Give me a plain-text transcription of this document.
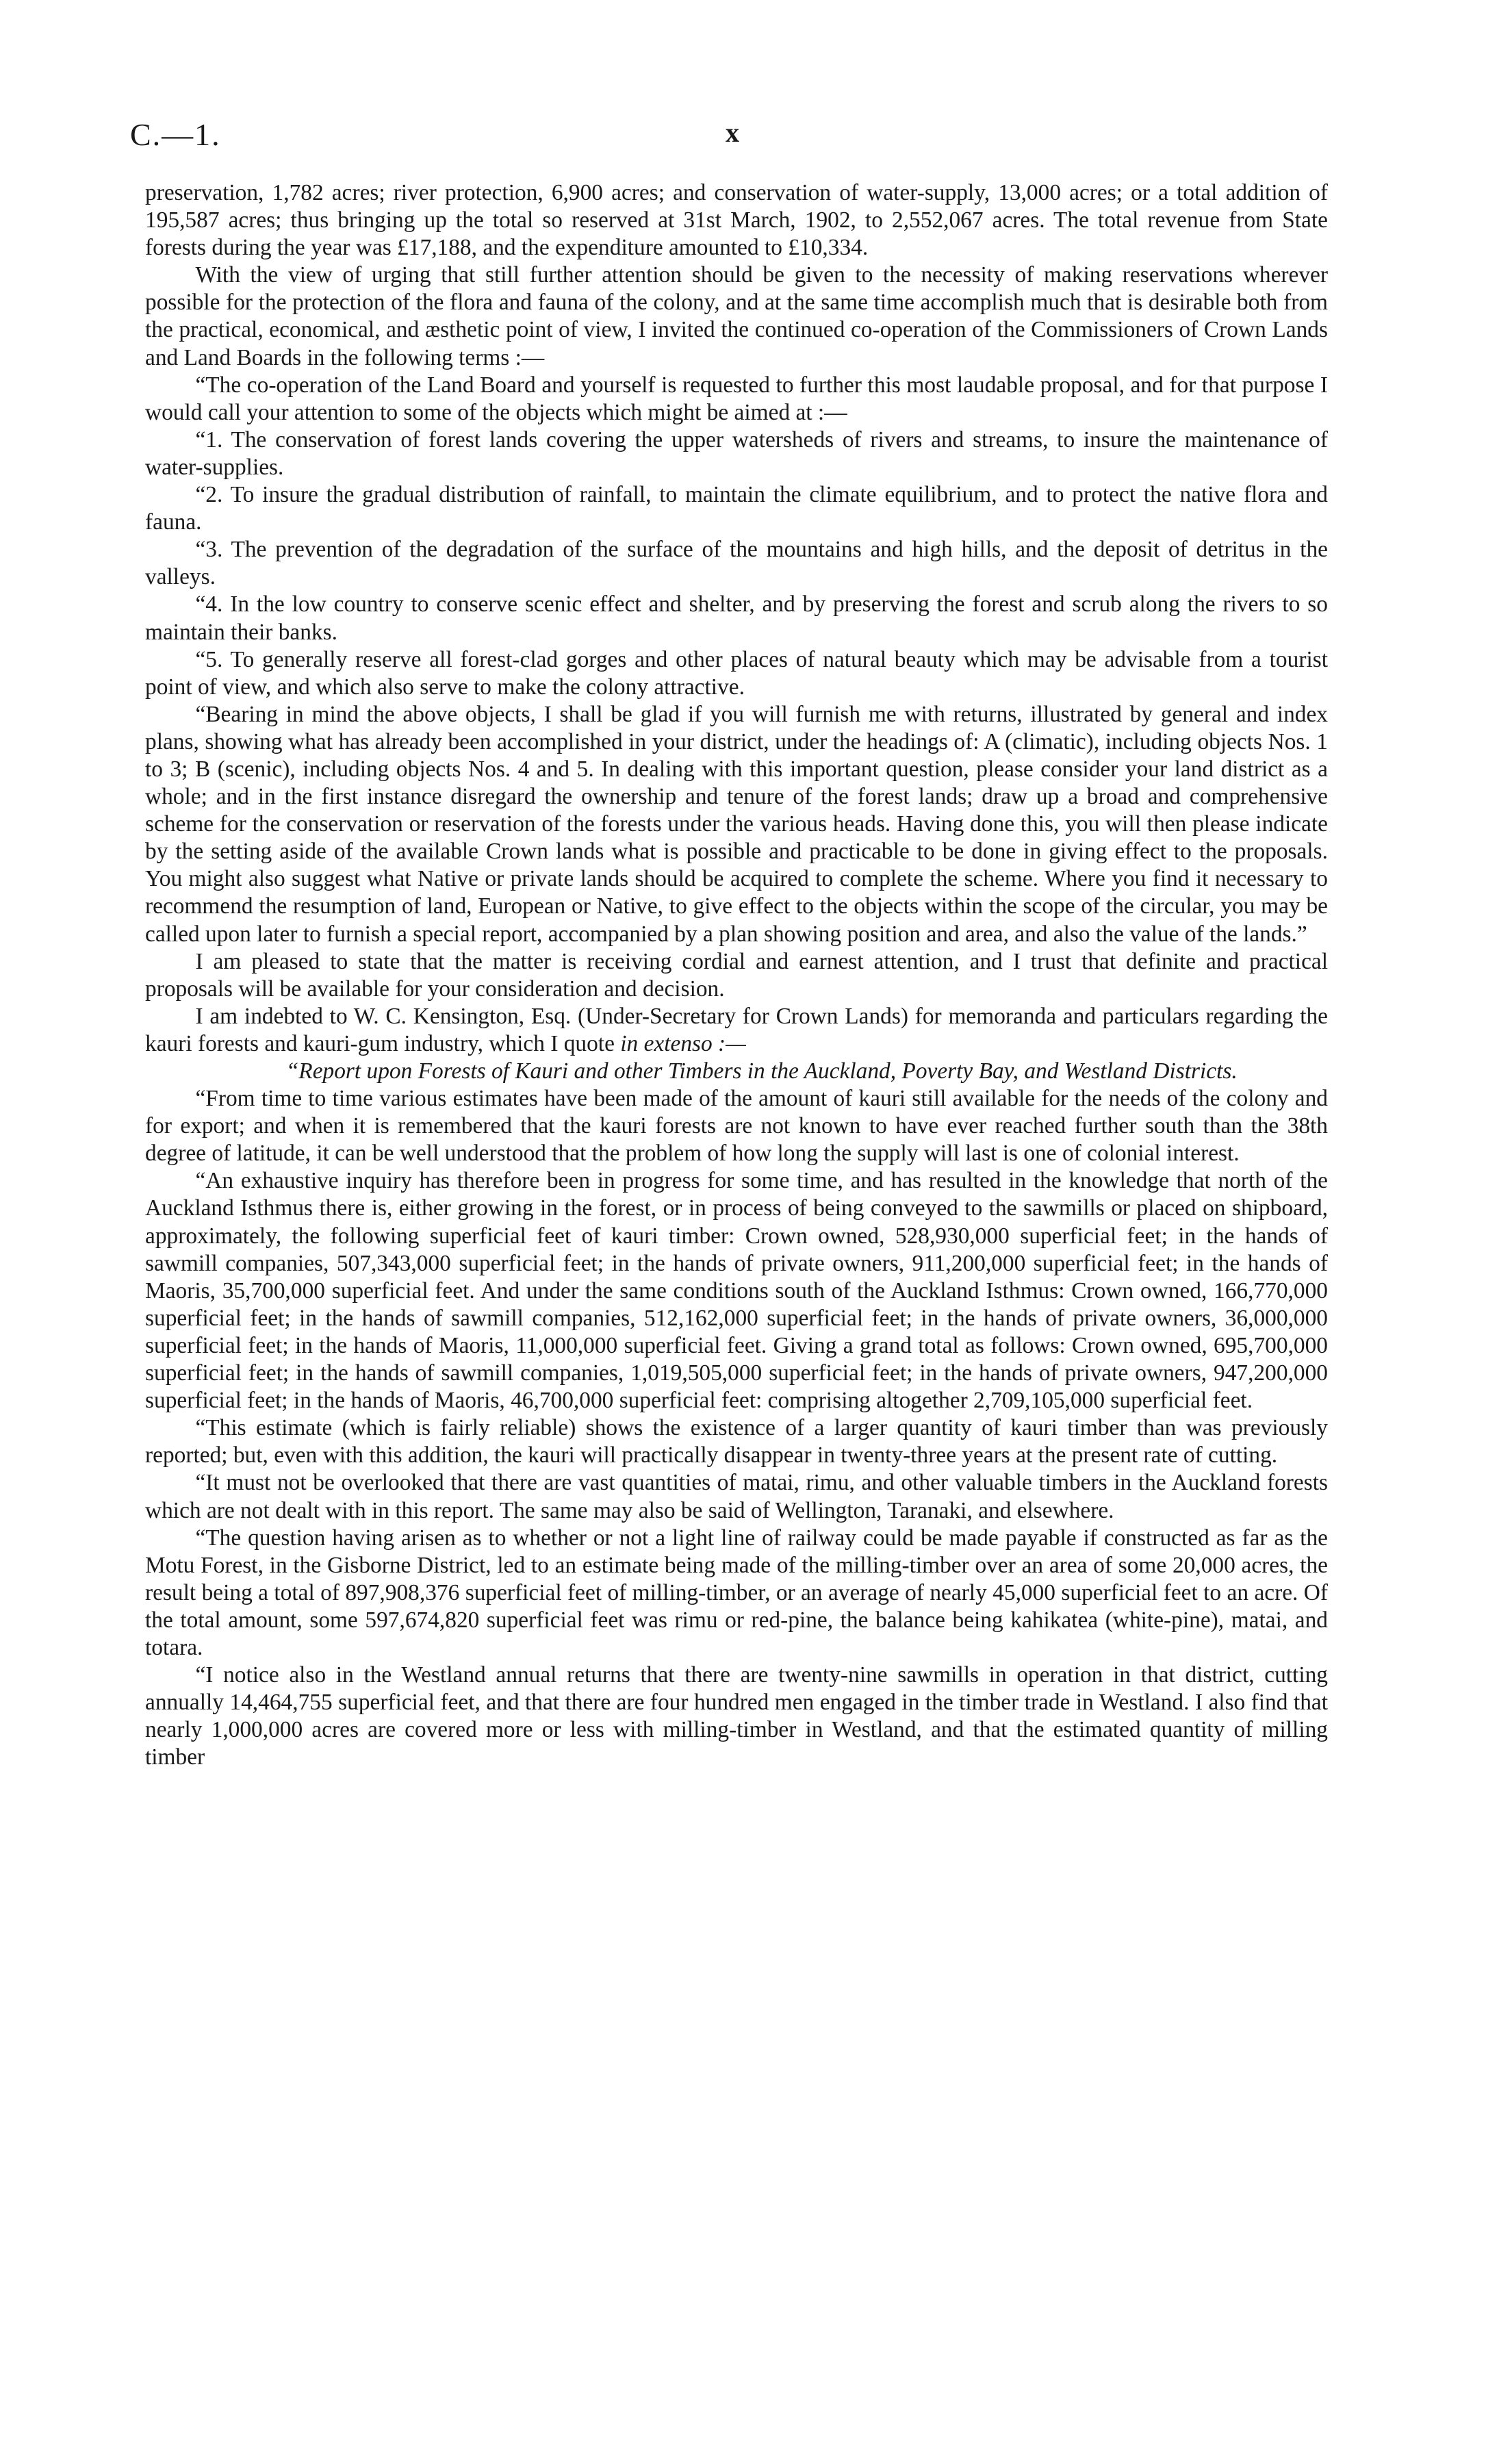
C.—1.	x

preservation, 1,782 acres; river protection, 6,900 acres; and conservation of water-supply, 13,000 acres; or a total addition of 195,587 acres; thus bringing up the total so reserved at 31st March, 1902, to 2,552,067 acres. The total revenue from State forests during the year was £17,188, and the expenditure amounted to £10,334.

With the view of urging that still further attention should be given to the necessity of making reservations wherever possible for the protection of the flora and fauna of the colony, and at the same time accomplish much that is desirable both from the practical, economical, and æsthetic point of view, I invited the continued co-operation of the Commissioners of Crown Lands and Land Boards in the following terms :—

“The co-operation of the Land Board and yourself is requested to further this most laudable proposal, and for that purpose I would call your attention to some of the objects which might be aimed at :—

“1. The conservation of forest lands covering the upper watersheds of rivers and streams, to insure the maintenance of water-supplies.

“2. To insure the gradual distribution of rainfall, to maintain the climate equilibrium, and to protect the native flora and fauna.

“3. The prevention of the degradation of the surface of the mountains and high hills, and the deposit of detritus in the valleys.

“4. In the low country to conserve scenic effect and shelter, and by preserving the forest and scrub along the rivers to so maintain their banks.

“5. To generally reserve all forest-clad gorges and other places of natural beauty which may be advisable from a tourist point of view, and which also serve to make the colony attractive.

“Bearing in mind the above objects, I shall be glad if you will furnish me with returns, illustrated by general and index plans, showing what has already been accomplished in your district, under the headings of: A (climatic), including objects Nos. 1 to 3; B (scenic), including objects Nos. 4 and 5. In dealing with this important question, please consider your land district as a whole; and in the first instance disregard the ownership and tenure of the forest lands; draw up a broad and comprehensive scheme for the conservation or reservation of the forests under the various heads. Having done this, you will then please indicate by the setting aside of the available Crown lands what is possible and practicable to be done in giving effect to the proposals. You might also suggest what Native or private lands should be acquired to complete the scheme. Where you find it necessary to recommend the resumption of land, European or Native, to give effect to the objects within the scope of the circular, you may be called upon later to furnish a special report, accompanied by a plan showing position and area, and also the value of the lands.”

I am pleased to state that the matter is receiving cordial and earnest attention, and I trust that definite and practical proposals will be available for your consideration and decision.

I am indebted to W. C. Kensington, Esq. (Under-Secretary for Crown Lands) for memoranda and particulars regarding the kauri forests and kauri-gum industry, which I quote in extenso :—

“Report upon Forests of Kauri and other Timbers in the Auckland, Poverty Bay, and Westland Districts.

“From time to time various estimates have been made of the amount of kauri still available for the needs of the colony and for export; and when it is remembered that the kauri forests are not known to have ever reached further south than the 38th degree of latitude, it can be well understood that the problem of how long the supply will last is one of colonial interest.

“An exhaustive inquiry has therefore been in progress for some time, and has resulted in the knowledge that north of the Auckland Isthmus there is, either growing in the forest, or in process of being conveyed to the sawmills or placed on shipboard, approximately, the following superficial feet of kauri timber: Crown owned, 528,930,000 superficial feet; in the hands of sawmill companies, 507,343,000 superficial feet; in the hands of private owners, 911,200,000 superficial feet; in the hands of Maoris, 35,700,000 superficial feet. And under the same conditions south of the Auckland Isthmus: Crown owned, 166,770,000 superficial feet; in the hands of sawmill companies, 512,162,000 superficial feet; in the hands of private owners, 36,000,000 superficial feet; in the hands of Maoris, 11,000,000 superficial feet. Giving a grand total as follows: Crown owned, 695,700,000 superficial feet; in the hands of sawmill companies, 1,019,505,000 superficial feet; in the hands of private owners, 947,200,000 superficial feet; in the hands of Maoris, 46,700,000 superficial feet: comprising altogether 2,709,105,000 superficial feet.

“This estimate (which is fairly reliable) shows the existence of a larger quantity of kauri timber than was previously reported; but, even with this addition, the kauri will practically disappear in twenty-three years at the present rate of cutting.

“It must not be overlooked that there are vast quantities of matai, rimu, and other valuable timbers in the Auckland forests which are not dealt with in this report. The same may also be said of Wellington, Taranaki, and elsewhere.

“The question having arisen as to whether or not a light line of railway could be made payable if constructed as far as the Motu Forest, in the Gisborne District, led to an estimate being made of the milling-timber over an area of some 20,000 acres, the result being a total of 897,908,376 superficial feet of milling-timber, or an average of nearly 45,000 superficial feet to an acre. Of the total amount, some 597,674,820 superficial feet was rimu or red-pine, the balance being kahikatea (white-pine), matai, and totara.

“I notice also in the Westland annual returns that there are twenty-nine sawmills in operation in that district, cutting annually 14,464,755 superficial feet, and that there are four hundred men engaged in the timber trade in Westland. I also find that nearly 1,000,000 acres are covered more or less with milling-timber in Westland, and that the estimated quantity of milling timber
